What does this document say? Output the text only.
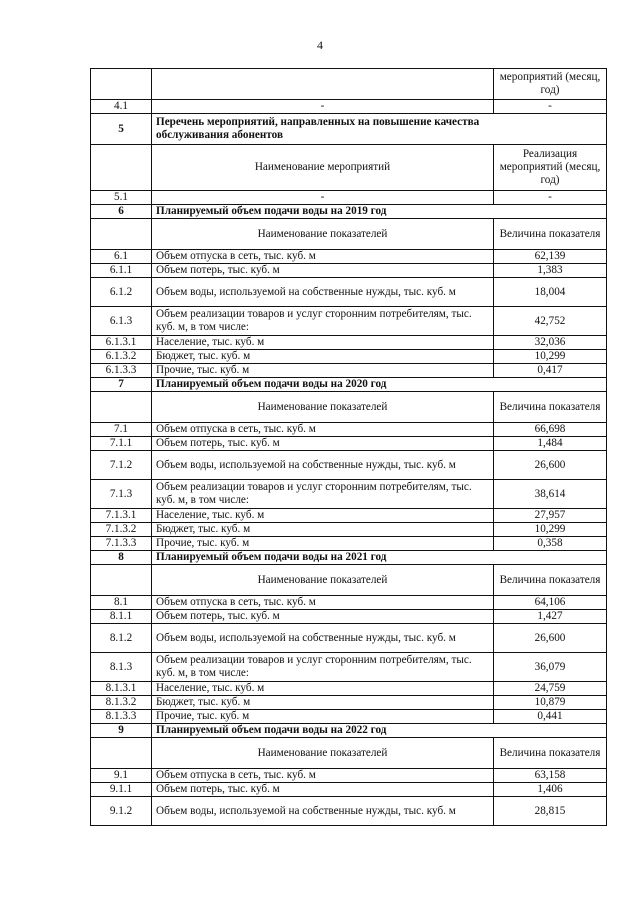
4
		мероприятий (месяц, год)
4.1	-	-
5	Перечень мероприятий, направленных на повышение качества
обслуживания абонентов	

	Наименование мероприятий	Реализация мероприятий (месяц, год)
5.1	-	-
6	Планируемый объем подачи воды на 2019 год	
	Наименование показателей	Величина показателя
6.1	Объем отпуска в сеть, тыс. куб. м	62,139
6.1.1	Объем потерь, тыс. куб. м	1,383
6.1.2	Объем воды, используемой на собственные нужды, тыс. куб. м	18,004
6.1.3	Объем реализации товаров и услуг сторонним потребителям, тыс. куб. м, в том числе:	42,752
6.1.3.1	Население, тыс. куб. м	32,036
6.1.3.2	Бюджет, тыс. куб. м	10,299
6.1.3.3	Прочие, тыс. куб. м	0,417
7	Планируемый объем подачи воды на 2020 год	
	Наименование показателей	Величина показателя
7.1	Объем отпуска в сеть, тыс. куб. м	66,698
7.1.1	Объем потерь, тыс. куб. м	1,484
7.1.2	Объем воды, используемой на собственные нужды, тыс. куб. м	26,600
7.1.3	Объем реализации товаров и услуг сторонним потребителям, тыс. куб. м, в том числе:	38,614
7.1.3.1	Население, тыс. куб. м	27,957
7.1.3.2	Бюджет, тыс. куб. м	10,299
7.1.3.3	Прочие, тыс. куб. м	0,358
8	Планируемый объем подачи воды на 2021 год	
	Наименование показателей	Величина показателя
8.1	Объем отпуска в сеть, тыс. куб. м	64,106
8.1.1	Объем потерь, тыс. куб. м	1,427
8.1.2	Объем воды, используемой на собственные нужды, тыс. куб. м	26,600
8.1.3	Объем реализации товаров и услуг сторонним потребителям, тыс. куб. м, в том числе:	36,079
8.1.3.1	Население, тыс. куб. м	24,759
8.1.3.2	Бюджет, тыс. куб. м	10,879
8.1.3.3	Прочие, тыс. куб. м	0,441
9	Планируемый объем подачи воды на 2022 год	
	Наименование показателей	Величина показателя
9.1	Объем отпуска в сеть, тыс. куб. м	63,158
9.1.1	Объем потерь, тыс. куб. м	1,406
9.1.2	Объем воды, используемой на собственные нужды, тыс. куб. м	28,815
